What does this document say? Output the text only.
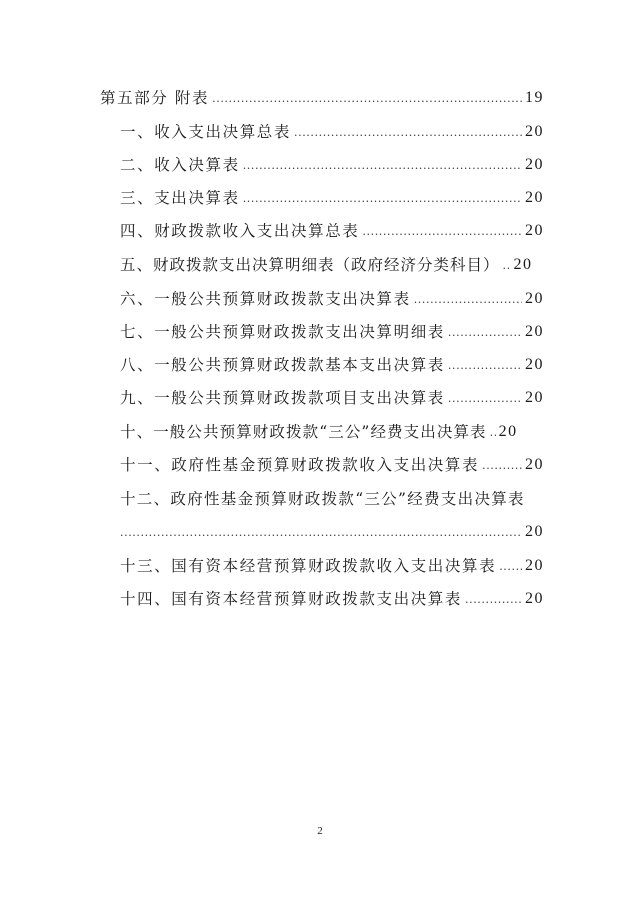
第五部分 附表 .....	19
一、收入支出决算总表 .....	20
二、收入决算表 .....	20
三、支出决算表 .....	20
四、财政拨款收入支出决算总表 .....	20
五、财政拨款支出决算明细表（政府经济分类科目） ..... 20
六、一般公共预算财政拨款支出决算表 .....	20
七、一般公共预算财政拨款支出决算明细表 .....	20
八、一般公共预算财政拨款基本支出决算表 .....	20
九、一般公共预算财政拨款项目支出决算表 .....	20
十、一般公共预算财政拨款“三公”经费支出决算表 ..... 20
十一、政府性基金预算财政拨款收入支出决算表 .....	20
十二、政府性基金预算财政拨款“三公”经费支出决算表
.....
20
十三、国有资本经营预算财政拨款收入支出决算表 ..... 20
十四、国有资本经营预算财政拨款支出决算表 .....	20
2
